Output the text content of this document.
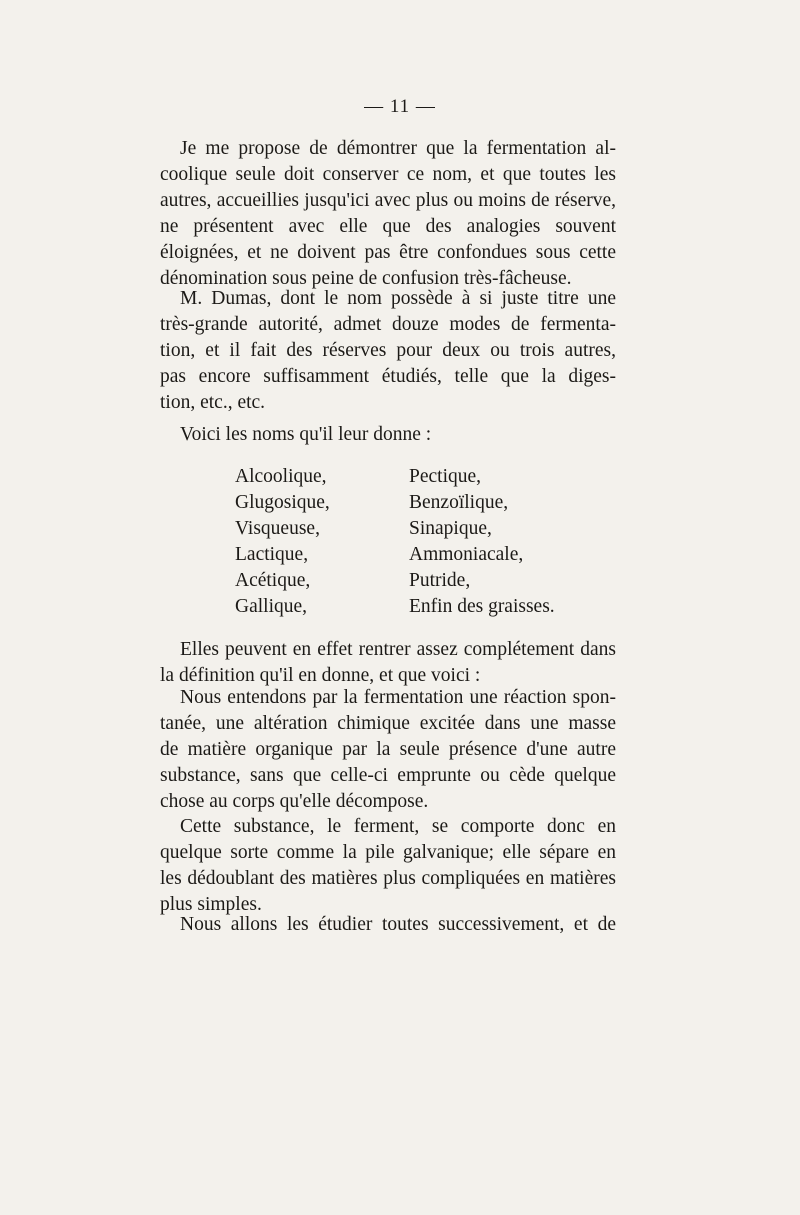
— 11 —
Je me propose de démontrer que la fermentation al-
coolique seule doit conserver ce nom, et que toutes les
autres, accueillies jusqu'ici avec plus ou moins de réserve,
ne présentent avec elle que des analogies souvent
éloignées, et ne doivent pas être confondues sous cette
dénomination sous peine de confusion très-fâcheuse.
M. Dumas, dont le nom possède à si juste titre une
très-grande autorité, admet douze modes de fermenta-
tion, et il fait des réserves pour deux ou trois autres,
pas encore suffisamment étudiés, telle que la diges-
tion, etc., etc.
Voici les noms qu'il leur donne :
Alcoolique,	Pectique,
Glugosique,	Benzoïlique,
Visqueuse,	Sinapique,
Lactique,	Ammoniacale,
Acétique,	Putride,
Gallique,	Enfin des graisses.
Elles peuvent en effet rentrer assez complétement dans
la définition qu'il en donne, et que voici :
Nous entendons par la fermentation une réaction spon-
tanée, une altération chimique excitée dans une masse
de matière organique par la seule présence d'une autre
substance, sans que celle-ci emprunte ou cède quelque
chose au corps qu'elle décompose.
Cette substance, le ferment, se comporte donc en
quelque sorte comme la pile galvanique; elle sépare en
les dédoublant des matières plus compliquées en matières
plus simples.
Nous allons les étudier toutes successivement, et de
